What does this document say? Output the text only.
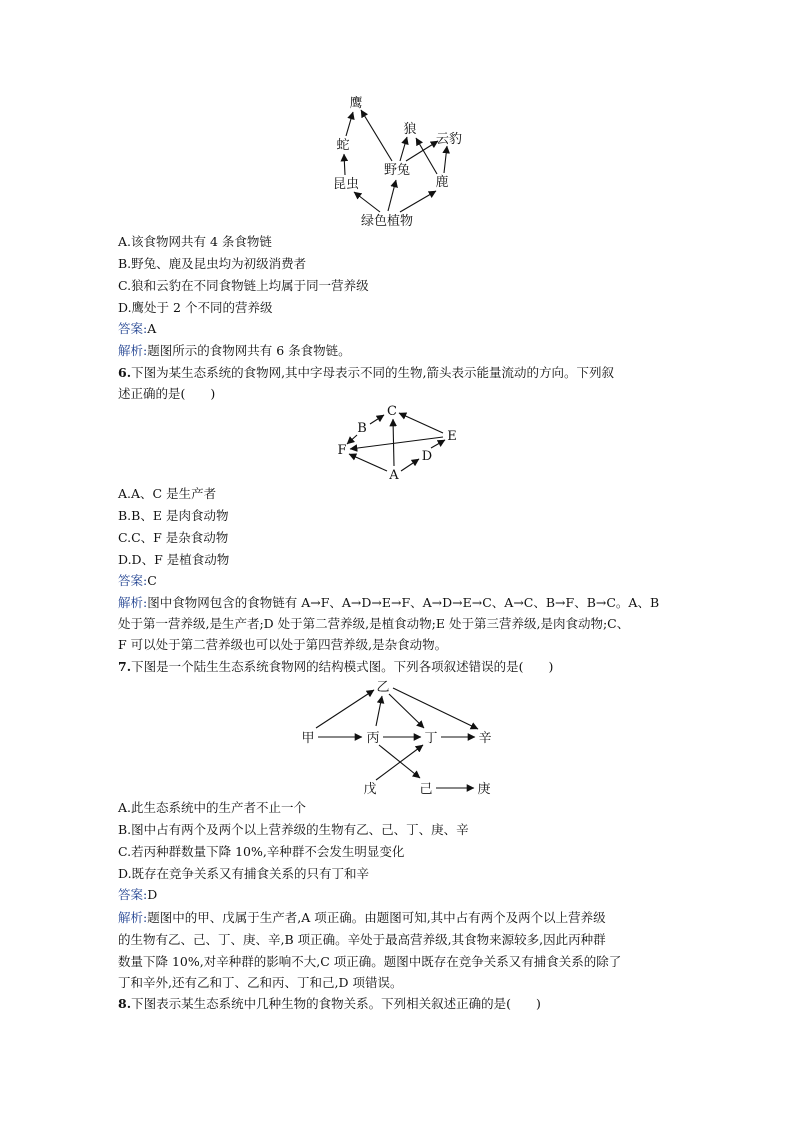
鹰
狼
云豹
蛇
野兔
昆虫	鹿
绿色植物
A.该食物网共有 4 条食物链
B.野兔、鹿及昆虫均为初级消费者
C.狼和云豹在不同食物链上均属于同一营养级
D.鹰处于 2 个不同的营养级
答案:A
解析:题图所示的食物网共有 6 条食物链。
6.下图为某生态系统的食物网,其中字母表示不同的生物,箭头表示能量流动的方向。下列叙
述正确的是(　　)
C
B
E
F	D
A
A.A、C 是生产者
B.B、E 是肉食动物
C.C、F 是杂食动物
D.D、F 是植食动物
答案:C
解析:图中食物网包含的食物链有 A→F、A→D→E→F、A→D→E→C、A→C、B→F、B→C。A、B
处于第一营养级,是生产者;D 处于第二营养级,是植食动物;E 处于第三营养级,是肉食动物;C、
F 可以处于第二营养级也可以处于第四营养级,是杂食动物。
7.下图是一个陆生生态系统食物网的结构模式图。下列各项叙述错误的是(　　)
乙
甲	丙	丁	辛
戊	己	庚
A.此生态系统中的生产者不止一个
B.图中占有两个及两个以上营养级的生物有乙、己、丁、庚、辛
C.若丙种群数量下降 10%,辛种群不会发生明显变化
D.既存在竞争关系又有捕食关系的只有丁和辛
答案:D
解析:题图中的甲、戊属于生产者,A 项正确。由题图可知,其中占有两个及两个以上营养级
的生物有乙、己、丁、庚、辛,B 项正确。辛处于最高营养级,其食物来源较多,因此丙种群
数量下降 10%,对辛种群的影响不大,C 项正确。题图中既存在竞争关系又有捕食关系的除了
丁和辛外,还有乙和丁、乙和丙、丁和己,D 项错误。
8.下图表示某生态系统中几种生物的食物关系。下列相关叙述正确的是(　　)
